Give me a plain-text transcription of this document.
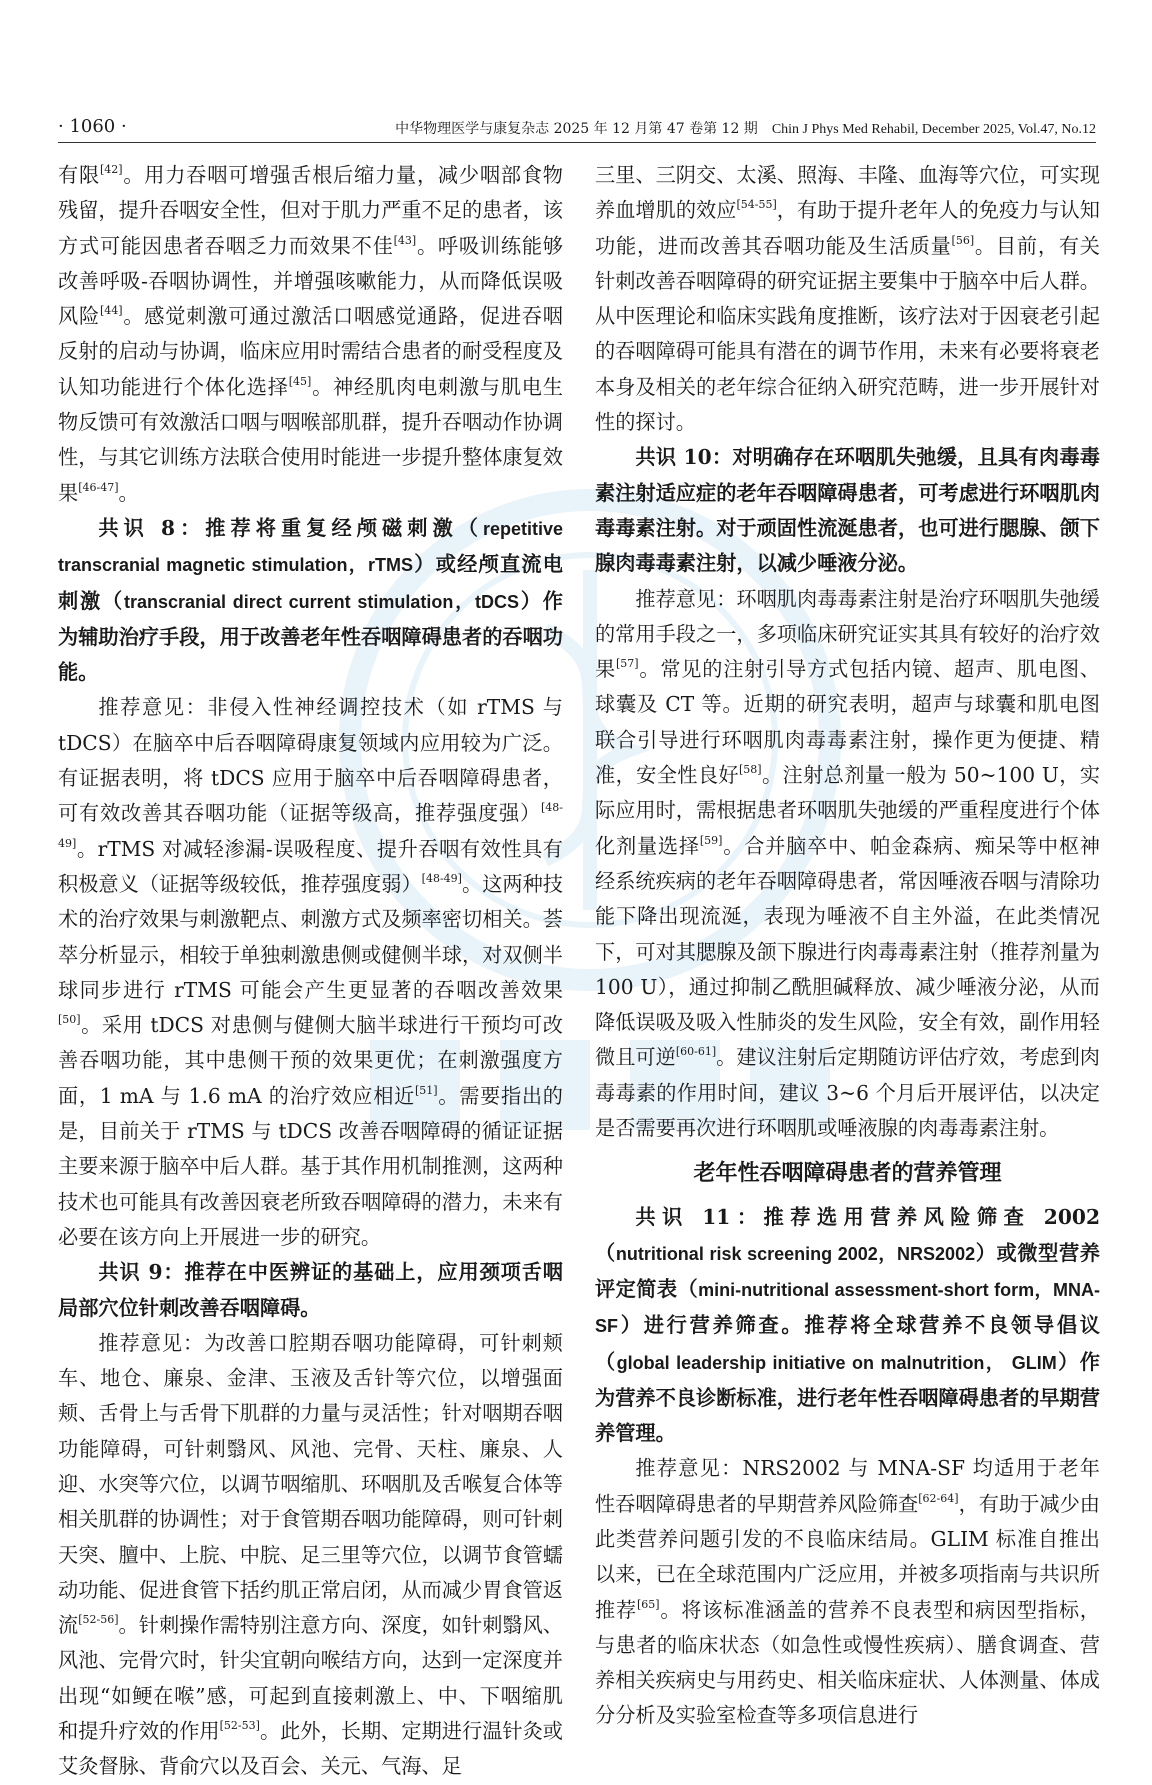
· 1060 ·	中华物理医学与康复杂志 2025 年 12 月第 47 卷第 12 期 Chin J Phys Med Rehabil, December 2025, Vol.47, No.12

有限[42]。用力吞咽可增强舌根后缩力量，减少咽部食物残留，提升吞咽安全性，但对于肌力严重不足的患者，该方式可能因患者吞咽乏力而效果不佳[43]。呼吸训练能够改善呼吸-吞咽协调性，并增强咳嗽能力，从而降低误吸风险[44]。感觉刺激可通过激活口咽感觉通路，促进吞咽反射的启动与协调，临床应用时需结合患者的耐受程度及认知功能进行个体化选择[45]。神经肌肉电刺激与肌电生物反馈可有效激活口咽与咽喉部肌群，提升吞咽动作协调性，与其它训练方法联合使用时能进一步提升整体康复效果[46-47]。

共识 8：推荐将重复经颅磁刺激（repetitive transcranial magnetic stimulation，rTMS）或经颅直流电刺激（transcranial direct current stimulation，tDCS）作为辅助治疗手段，用于改善老年性吞咽障碍患者的吞咽功能。

推荐意见：非侵入性神经调控技术（如 rTMS 与 tDCS）在脑卒中后吞咽障碍康复领域内应用较为广泛。有证据表明，将 tDCS 应用于脑卒中后吞咽障碍患者，可有效改善其吞咽功能（证据等级高，推荐强度强）[48-49]。rTMS 对减轻渗漏-误吸程度、提升吞咽有效性具有积极意义（证据等级较低，推荐强度弱）[48-49]。这两种技术的治疗效果与刺激靶点、刺激方式及频率密切相关。荟萃分析显示，相较于单独刺激患侧或健侧半球，对双侧半球同步进行 rTMS 可能会产生更显著的吞咽改善效果[50]。采用 tDCS 对患侧与健侧大脑半球进行干预均可改善吞咽功能，其中患侧干预的效果更优；在刺激强度方面，1 mA 与 1.6 mA 的治疗效应相近[51]。需要指出的是，目前关于 rTMS 与 tDCS 改善吞咽障碍的循证证据主要来源于脑卒中后人群。基于其作用机制推测，这两种技术也可能具有改善因衰老所致吞咽障碍的潜力，未来有必要在该方向上开展进一步的研究。

共识 9：推荐在中医辨证的基础上，应用颈项舌咽局部穴位针刺改善吞咽障碍。

推荐意见：为改善口腔期吞咽功能障碍，可针刺颊车、地仓、廉泉、金津、玉液及舌针等穴位，以增强面颊、舌骨上与舌骨下肌群的力量与灵活性；针对咽期吞咽功能障碍，可针刺翳风、风池、完骨、天柱、廉泉、人迎、水突等穴位，以调节咽缩肌、环咽肌及舌喉复合体等相关肌群的协调性；对于食管期吞咽功能障碍，则可针刺天突、膻中、上脘、中脘、足三里等穴位，以调节食管蠕动功能、促进食管下括约肌正常启闭，从而减少胃食管返流[52-56]。针刺操作需特别注意方向、深度，如针刺翳风、风池、完骨穴时，针尖宜朝向喉结方向，达到一定深度并出现“如鲠在喉”感，可起到直接刺激上、中、下咽缩肌和提升疗效的作用[52-53]。此外，长期、定期进行温针灸或艾灸督脉、背俞穴以及百会、关元、气海、足

三里、三阴交、太溪、照海、丰隆、血海等穴位，可实现养血增肌的效应[54-55]，有助于提升老年人的免疫力与认知功能，进而改善其吞咽功能及生活质量[56]。目前，有关针刺改善吞咽障碍的研究证据主要集中于脑卒中后人群。从中医理论和临床实践角度推断，该疗法对于因衰老引起的吞咽障碍可能具有潜在的调节作用，未来有必要将衰老本身及相关的老年综合征纳入研究范畴，进一步开展针对性的探讨。

共识 10：对明确存在环咽肌失弛缓，且具有肉毒毒素注射适应症的老年吞咽障碍患者，可考虑进行环咽肌肉毒毒素注射。对于顽固性流涎患者，也可进行腮腺、颌下腺肉毒毒素注射，以减少唾液分泌。

推荐意见：环咽肌肉毒毒素注射是治疗环咽肌失弛缓的常用手段之一，多项临床研究证实其具有较好的治疗效果[57]。常见的注射引导方式包括内镜、超声、肌电图、球囊及 CT 等。近期的研究表明，超声与球囊和肌电图联合引导进行环咽肌肉毒毒素注射，操作更为便捷、精准，安全性良好[58]。注射总剂量一般为 50~100 U，实际应用时，需根据患者环咽肌失弛缓的严重程度进行个体化剂量选择[59]。合并脑卒中、帕金森病、痴呆等中枢神经系统疾病的老年吞咽障碍患者，常因唾液吞咽与清除功能下降出现流涎，表现为唾液不自主外溢，在此类情况下，可对其腮腺及颌下腺进行肉毒毒素注射（推荐剂量为 100 U），通过抑制乙酰胆碱释放、减少唾液分泌，从而降低误吸及吸入性肺炎的发生风险，安全有效，副作用轻微且可逆[60-61]。建议注射后定期随访评估疗效，考虑到肉毒毒素的作用时间，建议 3~6 个月后开展评估，以决定是否需要再次进行环咽肌或唾液腺的肉毒毒素注射。

老年性吞咽障碍患者的营养管理

共识 11：推荐选用营养风险筛查 2002（nutritional risk screening 2002，NRS2002）或微型营养评定简表（mini-nutritional assessment-short form，MNA-SF）进行营养筛查。推荐将全球营养不良领导倡议（global leadership initiative on malnutrition， GLIM）作为营养不良诊断标准，进行老年性吞咽障碍患者的早期营养管理。

推荐意见：NRS2002 与 MNA-SF 均适用于老年性吞咽障碍患者的早期营养风险筛查[62-64]，有助于减少由此类营养问题引发的不良临床结局。GLIM 标准自推出以来，已在全球范围内广泛应用，并被多项指南与共识所推荐[65]。将该标准涵盖的营养不良表型和病因型指标，与患者的临床状态（如急性或慢性疾病）、膳食调查、营养相关疾病史与用药史、相关临床症状、人体测量、体成分分析及实验室检查等多项信息进行
